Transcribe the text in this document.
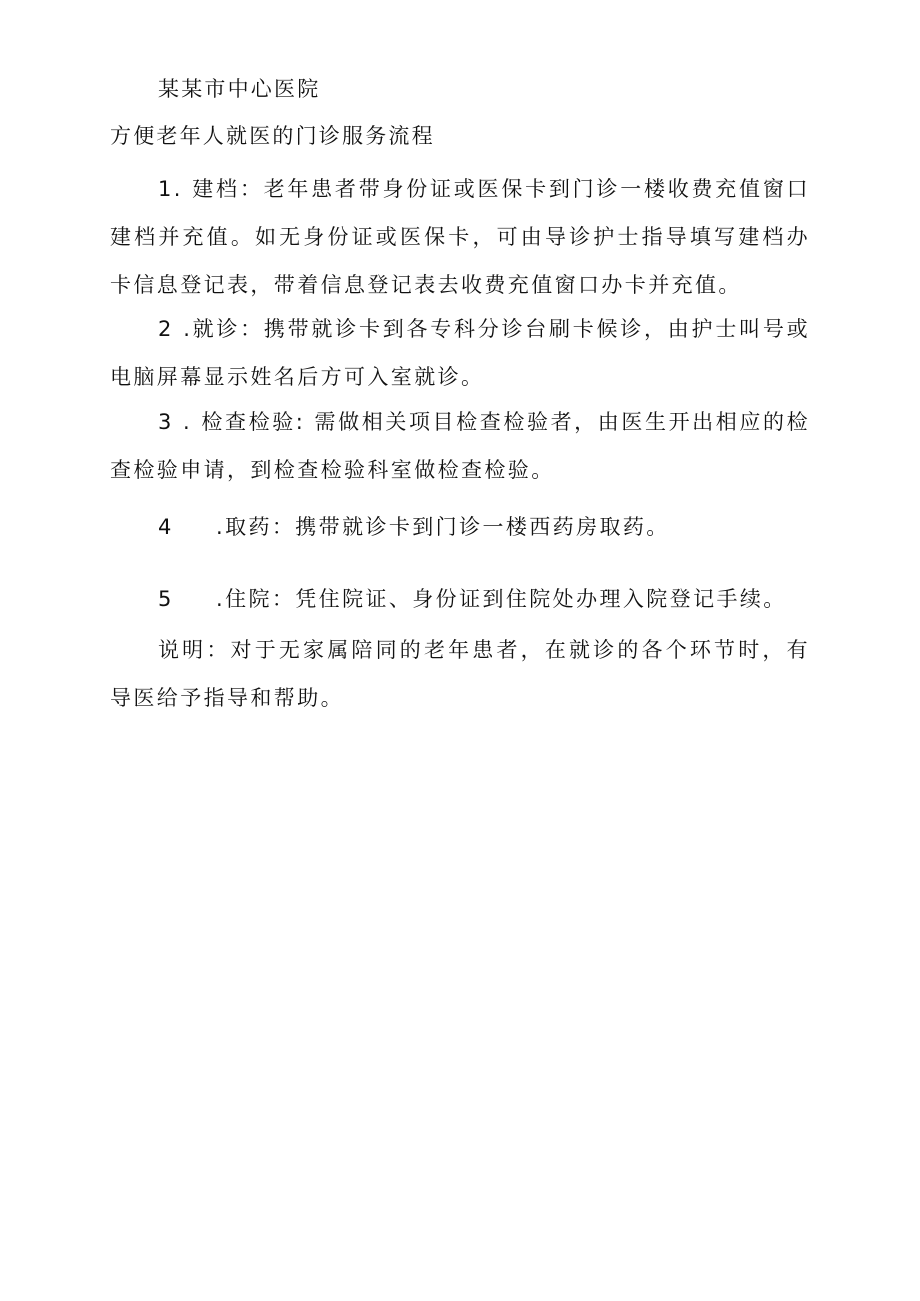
某某市中心医院
方便老年人就医的门诊服务流程
1. 建档：老年患者带身份证或医保卡到门诊一楼收费充值窗口建档并充值。如无身份证或医保卡，可由导诊护士指导填写建档办卡信息登记表，带着信息登记表去收费充值窗口办卡并充值。
2 .就诊：携带就诊卡到各专科分诊台刷卡候诊，由护士叫号或电脑屏幕显示姓名后方可入室就诊。
3 . 检查检验: 需做相关项目检查检验者，由医生开出相应的检查检验申请，到检查检验科室做检查检验。
4 .取药：携带就诊卡到门诊一楼西药房取药。
5 .住院：凭住院证、身份证到住院处办理入院登记手续。
说明：对于无家属陪同的老年患者，在就诊的各个环节时，有导医给予指导和帮助。
